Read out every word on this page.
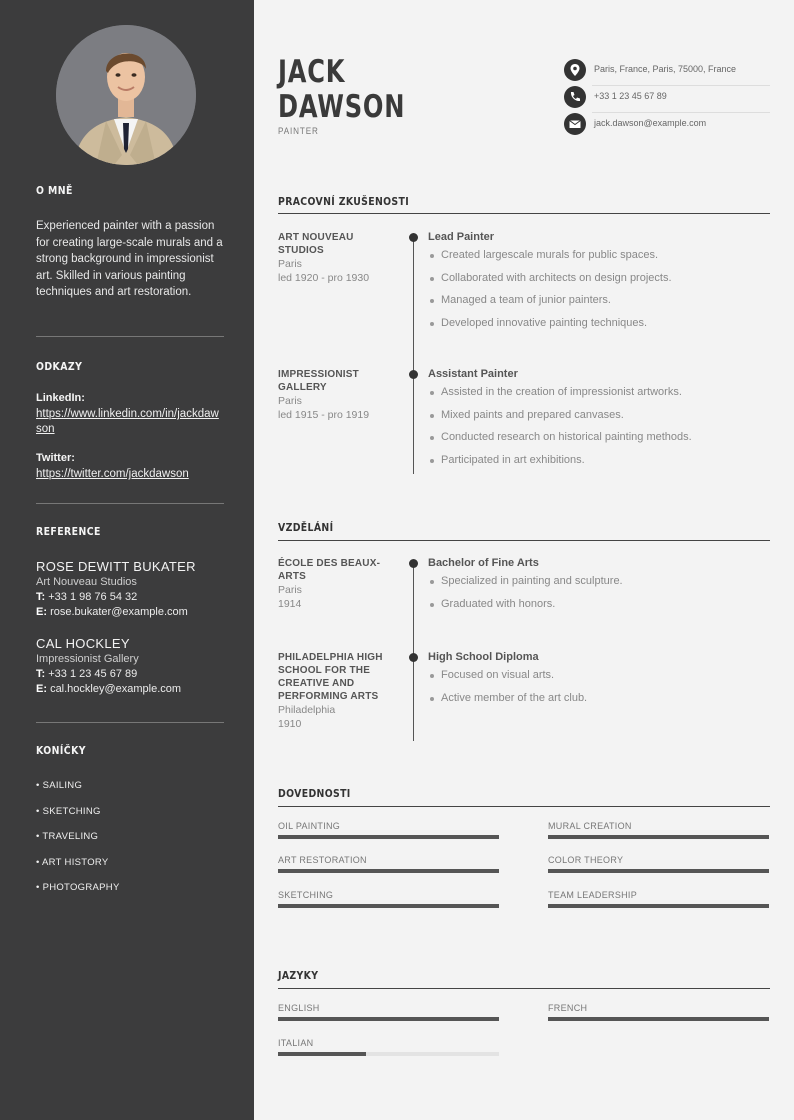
O MNĚ
Experienced painter with a passion for creating large-scale murals and a strong background in impressionist art. Skilled in various painting techniques and art restoration.
ODKAZY
LinkedIn:
https://www.linkedin.com/in/jackdawson
Twitter:
https://twitter.com/jackdawson
REFERENCE
ROSE DEWITT BUKATER
Art Nouveau Studios
T: +33 1 98 76 54 32
E: rose.bukater@example.com
CAL HOCKLEY
Impressionist Gallery
T: +33 1 23 45 67 89
E: cal.hockley@example.com
KONÍČKY
• SAILING
• SKETCHING
• TRAVELING
• ART HISTORY
• PHOTOGRAPHY
JACK
DAWSON
PAINTER
Paris, France, Paris, 75000, France
+33 1 23 45 67 89
jack.dawson@example.com
PRACOVNÍ ZKUŠENOSTI
ART NOUVEAU STUDIOS
Paris
led 1920 - pro 1930
Lead Painter
Created largescale murals for public spaces.
Collaborated with architects on design projects.
Managed a team of junior painters.
Developed innovative painting techniques.
IMPRESSIONIST GALLERY
Paris
led 1915 - pro 1919
Assistant Painter
Assisted in the creation of impressionist artworks.
Mixed paints and prepared canvases.
Conducted research on historical painting methods.
Participated in art exhibitions.
VZDĚLÁNÍ
ÉCOLE DES BEAUX-ARTS
Paris
1914
Bachelor of Fine Arts
Specialized in painting and sculpture.
Graduated with honors.
PHILADELPHIA HIGH SCHOOL FOR THE CREATIVE AND PERFORMING ARTS
Philadelphia
1910
High School Diploma
Focused on visual arts.
Active member of the art club.
DOVEDNOSTI
OIL PAINTING	MURAL CREATION
ART RESTORATION	COLOR THEORY
SKETCHING	TEAM LEADERSHIP
JAZYKY
ENGLISH	FRENCH
ITALIAN
